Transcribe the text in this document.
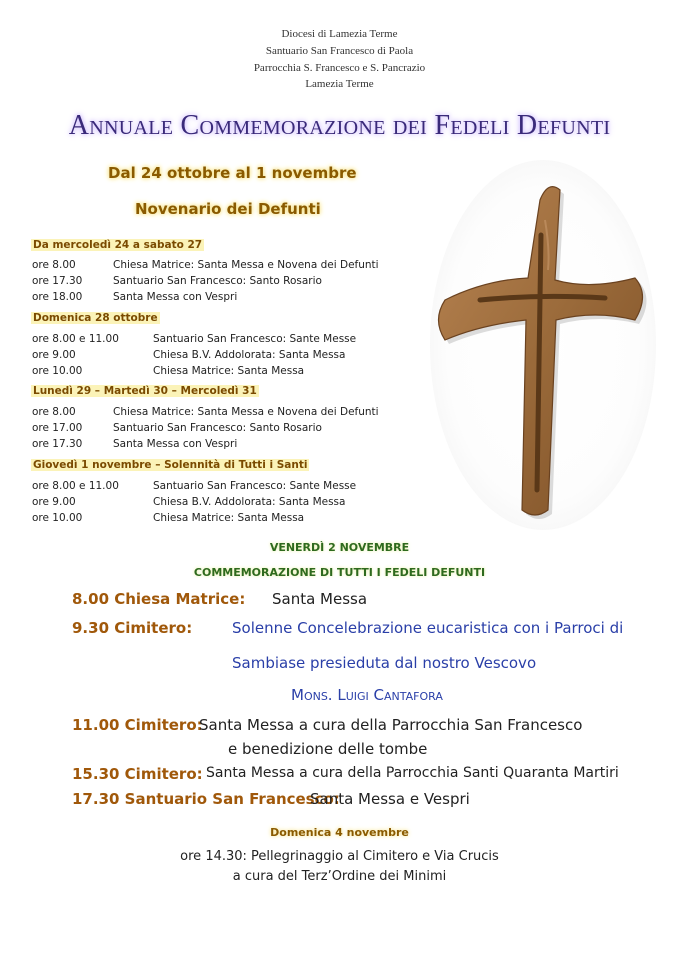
Diocesi di Lamezia Terme
Santuario San Francesco di Paola
Parrocchia S. Francesco e S. Pancrazio
Lamezia Terme
Annuale Commemorazione dei Fedeli Defunti
Dal 24 ottobre al 1 novembre
Novenario dei Defunti
Da mercoledì 24 a sabato 27
ore 8.00	Chiesa Matrice: Santa Messa e Novena dei Defunti
ore 17.30	Santuario San Francesco: Santo Rosario
ore 18.00	Santa Messa con Vespri
Domenica 28 ottobre
ore 8.00 e 11.00	Santuario San Francesco: Sante Messe
ore 9.00	Chiesa B.V. Addolorata: Santa Messa
ore 10.00	Chiesa Matrice: Santa Messa
Lunedì 29 – Martedì 30 – Mercoledì 31
ore 8.00	Chiesa Matrice: Santa Messa e Novena dei Defunti
ore 17.00	Santuario San Francesco: Santo Rosario
ore 17.30	Santa Messa con Vespri
Giovedì 1 novembre – Solennità di Tutti i Santi
ore 8.00 e 11.00	Santuario San Francesco: Sante Messe
ore 9.00	Chiesa B.V. Addolorata: Santa Messa
ore 10.00	Chiesa Matrice: Santa Messa
VENERDÌ 2 NOVEMBRE
COMMEMORAZIONE DI TUTTI I FEDELI DEFUNTI
8.00 Chiesa Matrice: Santa Messa
9.30 Cimitero:	Solenne Concelebrazione eucaristica con i Parroci di
Sambiase presieduta dal nostro Vescovo
Mons. Luigi Cantafora
11.00 Cimitero:
Santa Messa a cura della Parrocchia San Francesco
e benedizione delle tombe
15.30 Cimitero: Santa Messa a cura della Parrocchia Santi Quaranta Martiri
17.30 Santuario San Francesco:
Santa Messa e Vespri
Domenica 4 novembre
ore 14.30: Pellegrinaggio al Cimitero e Via Crucis
a cura del Terz’Ordine dei Minimi
